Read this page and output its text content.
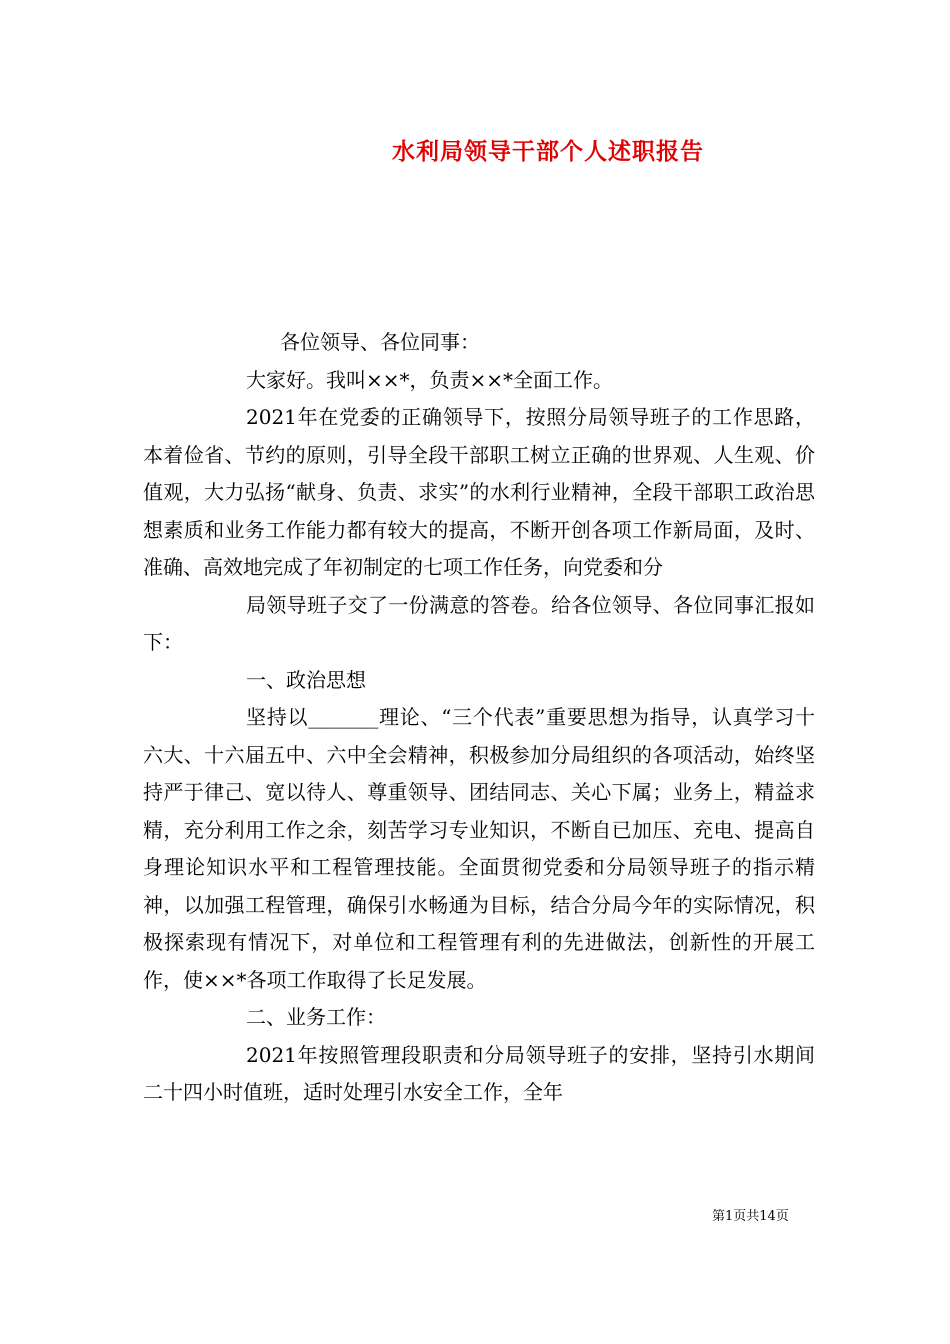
水利局领导干部个人述职报告

各位领导、各位同事：

大家好。我叫××*，负责××*全面工作。

2021年在党委的正确领导下，按照分局领导班子的工作思路，本着俭省、节约的原则，引导全段干部职工树立正确的世界观、人生观、价值观，大力弘扬“献身、负责、求实”的水利行业精神，全段干部职工政治思想素质和业务工作能力都有较大的提高，不断开创各项工作新局面，及时、准确、高效地完成了年初制定的七项工作任务，向党委和分

局领导班子交了一份满意的答卷。给各位领导、各位同事汇报如下：

一、政治思想

坚持以_______理论、“三个代表”重要思想为指导，认真学习十六大、十六届五中、六中全会精神，积极参加分局组织的各项活动，始终坚持严于律己、宽以待人、尊重领导、团结同志、关心下属；业务上，精益求精，充分利用工作之余，刻苦学习专业知识，不断自已加压、充电、提高自身理论知识水平和工程管理技能。全面贯彻党委和分局领导班子的指示精神，以加强工程管理，确保引水畅通为目标，结合分局今年的实际情况，积极探索现有情况下，对单位和工程管理有利的先进做法，创新性的开展工作，使××*各项工作取得了长足发展。

二、业务工作：

2021年按照管理段职责和分局领导班子的安排，坚持引水期间二十四小时值班，适时处理引水安全工作，全年

第1页共14页
